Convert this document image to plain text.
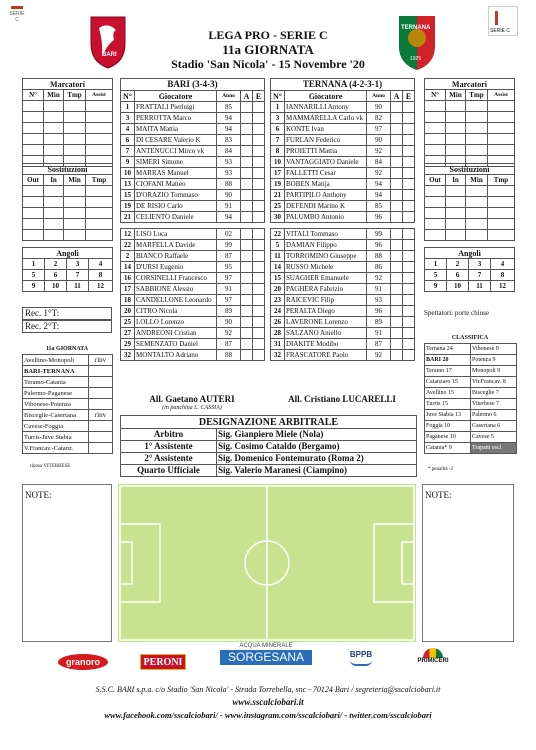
SERIE C
BARI
LEGA PRO - SERIE C
11a GIORNATA
Stadio 'San Nicola' - 15 Novembre '20
TERNANA
1925
SERIE C
Marcatori			
N°	Min	Tmp	Assist

Sostituzioni			
Out	In	Min	Tmp

Angoli			
1	2	3	4
5	6	7	8
9	10	11	12
Marcatori			
N°	Min	Tmp	Assist

Sostituzioni			
Out	In	Min	Tmp

Angoli			
1	2	3	4
5	6	7	8
9	10	11	12
BARI (3-4-3)				
N°	Giocatore	Anno	A	E
1	FRATTALI Pierluigi	85		
3	PERROTTA Marco	94		
4	MAITA Mattia	94		
6	DI CESARE Valerio K	83		
7	ANTENUCCI Mirco vk	84		
9	SIMERI Simone	93		
10	MARRAS Manuel	93		
13	CIOFANI Matteo	88		
15	D'ORAZIO Tommaso	90		
19	DE RISIO Carlo	91		
21	CELIENTO Daniele	94		

12	LISO Luca	02		
22	MARFELLA Davide	99		
2	BIANCO Raffaele	87		
14	D'URSI Eugenio	95		
16	CORSINELLI Francesco	97		
17	SABBIONE Alessio	91		
18	CANDELLONE Leonardo	97		
20	CITRO Nicola	89		
25	LOLLO Lorenzo	90		
27	ANDREONI Cristian	92		
29	SEMENZATO Daniel	87		
32	MONTALTO Adriano	88		
TERNANA (4-2-3-1)				
N°	Giocatore	Anno	A	E
1	IANNARILLI Antony	90		
3	MAMMARELLA Carlo vk	82		
6	KONTE Ivan	97		
7	FURLAN Federico	90		
8	PROIETTI Mattia	92		
10	VANTAGGIATO Daniele	84		
17	FALLETTI Cesar	92		
19	BOBEN Matija	94		
21	PARTIPILO Anthony	94		
25	DEFENDI Marino K	85		
30	PALUMBO Antonio	96		

22	VITALI Tommaso	99		
5	DAMIAN Filippo	96		
11	TORROMINO Giuseppe	88		
14	RUSSO Michele	86		
15	SUAGHER Emanuele	92		
20	PAGHERA Fabrizio	91		
23	RAICEVIC Filip	93		
24	PERALTA Diego	96		
26	LAVERONE Lorenzo	89		
28	SALZANO Aniello	91		
31	DIAKITE Modibo	87		
32	FRASCATORE Paolo	92		
All. Gaetano AUTERI
(in panchina L. CASSIA)
All. Cristiano LUCARELLI
Rec. 1°T:
Rec. 2°T:
Spettatori: porte chiuse
11a GIORNATA
Avellino-Monopoli	rinv
BARI-TERNANA	
Teramo-Catania	
Palermo-Paganese	
Vibonese-Potenza	
Bisceglie-Casertana	rinv
Cavese-Foggia	
Turris-Juve Stabia	
V.Francav.-Catanz.	
riposa VITERBESE
CLASSIFICA
Ternana 24	Vibonese 9
BARI 20	Potenza 9
Teramo 17	Monopoli 9
Catanzaro 15	Vir.Francav. 8
Avellino 15	Bisceglie 7
Turris 15	Viterbese 7
Juve Stabia 13	Palermo 6
Foggia 10	Casertana 6
Paganese 10	Cavese 5
Catania* 9	Trapani escl
* penalità -2
DESIGNAZIONE ARBITRALE	
Arbitro	Sig. Gianpiero Miele (Nola)
1° Assistente	Sig. Cosimo Cataldo (Bergamo)
2° Assistente	Sig. Domenico Fontemurato (Roma 2)
Quarto Ufficiale	Sig. Valerio Maranesi (Ciampino)
NOTE:	NOTE:
granoro	PERONI
ACQUA MINERALE
SORGESANA	BPPB
PRIMICERI
S.S.C. BARI s.p.a. c/o Stadio 'San Nicola' - Strada Torrebella, snc - 70124 Bari / segreteria@sscalciobari.it
www.sscalciobari.it
www.facebook.com/sscalciobari/ - www.instagram.com/sscalciobari/ - twitter.com/sscalciobari
